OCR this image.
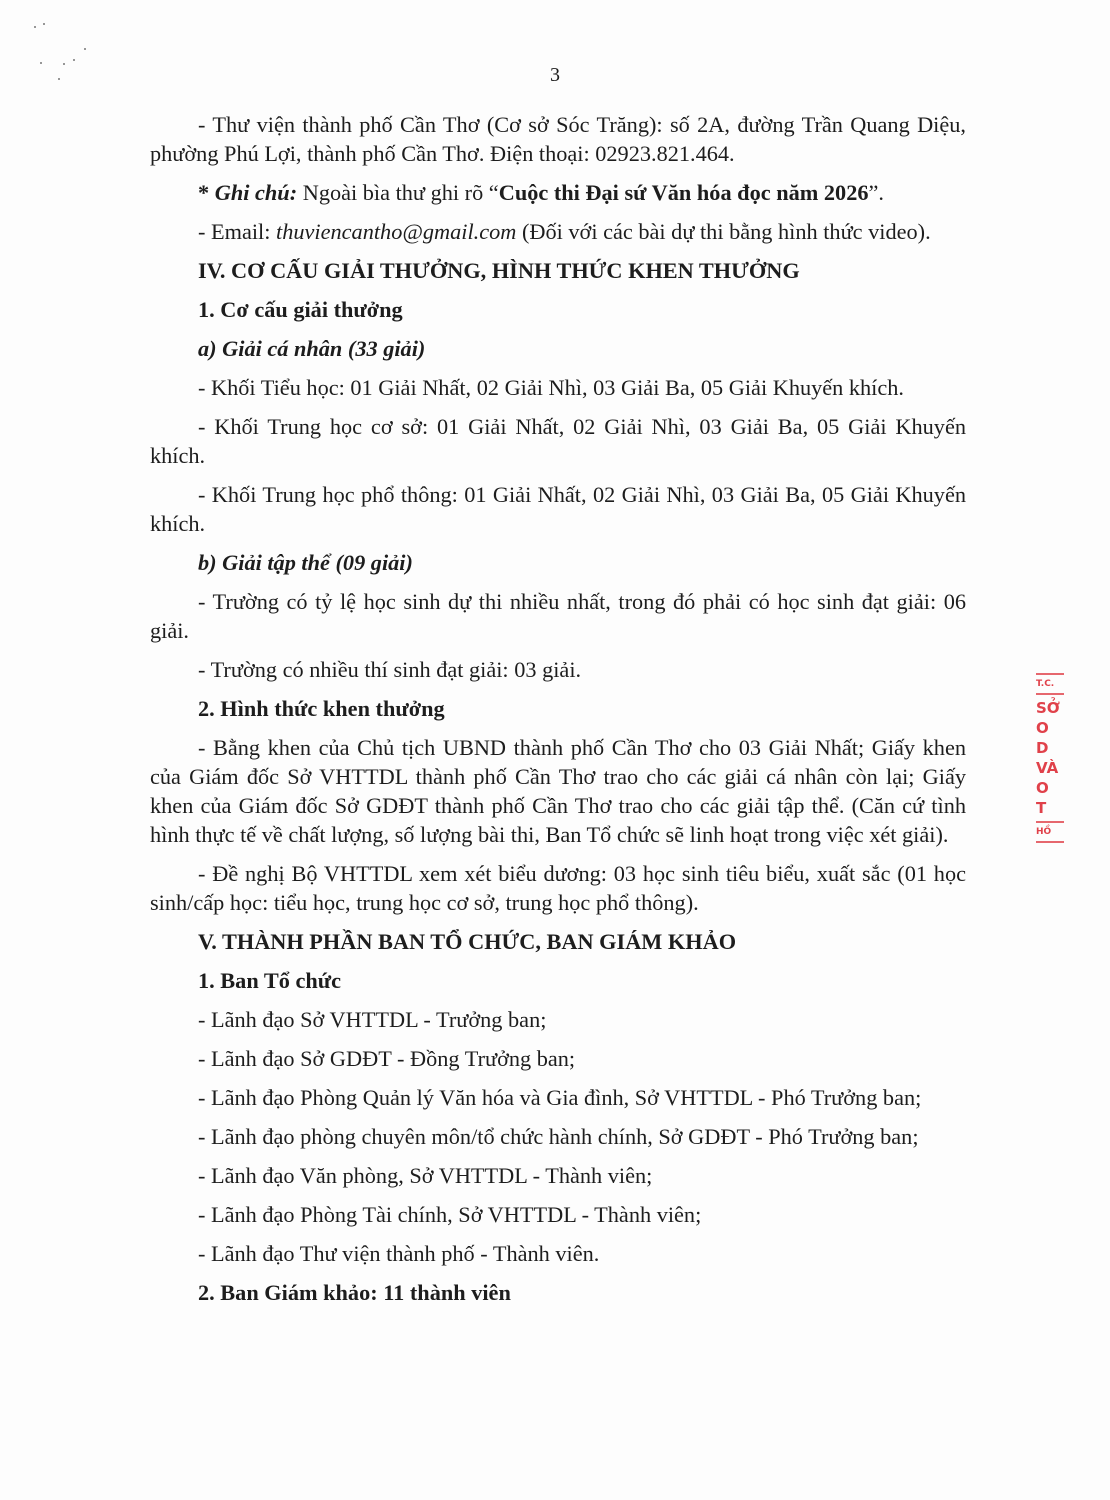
3

- Thư viện thành phố Cần Thơ (Cơ sở Sóc Trăng): số 2A, đường Trần Quang Diệu, phường Phú Lợi, thành phố Cần Thơ. Điện thoại: 02923.821.464.

* Ghi chú: Ngoài bìa thư ghi rõ “Cuộc thi Đại sứ Văn hóa đọc năm 2026”.

- Email: thuviencantho@gmail.com (Đối với các bài dự thi bằng hình thức video).

IV. CƠ CẤU GIẢI THƯỞNG, HÌNH THỨC KHEN THƯỞNG

1. Cơ cấu giải thưởng

a) Giải cá nhân (33 giải)

- Khối Tiểu học: 01 Giải Nhất, 02 Giải Nhì, 03 Giải Ba, 05 Giải Khuyến khích.

- Khối Trung học cơ sở: 01 Giải Nhất, 02 Giải Nhì, 03 Giải Ba, 05 Giải Khuyến khích.

- Khối Trung học phổ thông: 01 Giải Nhất, 02 Giải Nhì, 03 Giải Ba, 05 Giải Khuyến khích.

b) Giải tập thể (09 giải)

- Trường có tỷ lệ học sinh dự thi nhiều nhất, trong đó phải có học sinh đạt giải: 06 giải.

- Trường có nhiều thí sinh đạt giải: 03 giải.

2. Hình thức khen thưởng

- Bằng khen của Chủ tịch UBND thành phố Cần Thơ cho 03 Giải Nhất; Giấy khen của Giám đốc Sở VHTTDL thành phố Cần Thơ trao cho các giải cá nhân còn lại; Giấy khen của Giám đốc Sở GDĐT thành phố Cần Thơ trao cho các giải tập thể. (Căn cứ tình hình thực tế về chất lượng, số lượng bài thi, Ban Tổ chức sẽ linh hoạt trong việc xét giải).

- Đề nghị Bộ VHTTDL xem xét biểu dương: 03 học sinh tiêu biểu, xuất sắc (01 học sinh/cấp học: tiểu học, trung học cơ sở, trung học phổ thông).

V. THÀNH PHẦN BAN TỔ CHỨC, BAN GIÁM KHẢO

1. Ban Tổ chức

- Lãnh đạo Sở VHTTDL - Trưởng ban;

- Lãnh đạo Sở GDĐT - Đồng Trưởng ban;

- Lãnh đạo Phòng Quản lý Văn hóa và Gia đình, Sở VHTTDL - Phó Trưởng ban;

- Lãnh đạo phòng chuyên môn/tổ chức hành chính, Sở GDĐT - Phó Trưởng ban;

- Lãnh đạo Văn phòng, Sở VHTTDL - Thành viên;

- Lãnh đạo Phòng Tài chính, Sở VHTTDL - Thành viên;

- Lãnh đạo Thư viện thành phố - Thành viên.

2. Ban Giám khảo: 11 thành viên

T.C.
SỞ
O D
VÀ
O T
HỒ
